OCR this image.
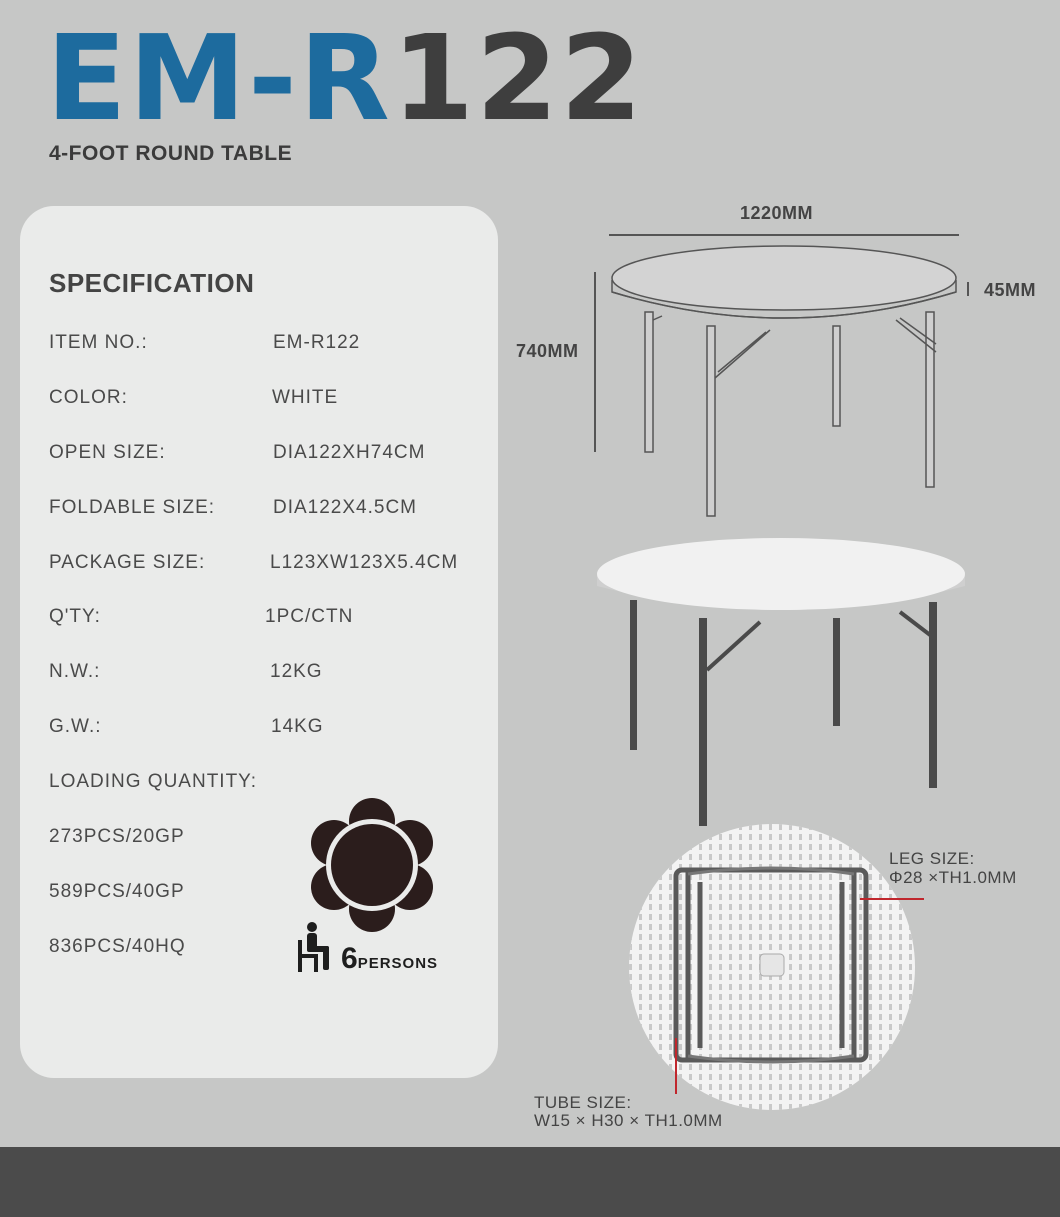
EM-R122
4-FOOT ROUND TABLE
SPECIFICATION
ITEM NO.:	EM-R122
COLOR:	WHITE
OPEN SIZE:	DIA122XH74CM
FOLDABLE SIZE:	DIA122X4.5CM
PACKAGE SIZE:	L123XW123X5.4CM
Q'TY:	1PC/CTN
N.W.:	12KG
G.W.:	14KG
LOADING QUANTITY:
273PCS/20GP
589PCS/40GP
836PCS/40HQ	6PERSONS
1220MM
740MM
45MM
LEG SIZE:
Φ28 ×TH1.0MM
TUBE SIZE:
W15 × H30 × TH1.0MM
